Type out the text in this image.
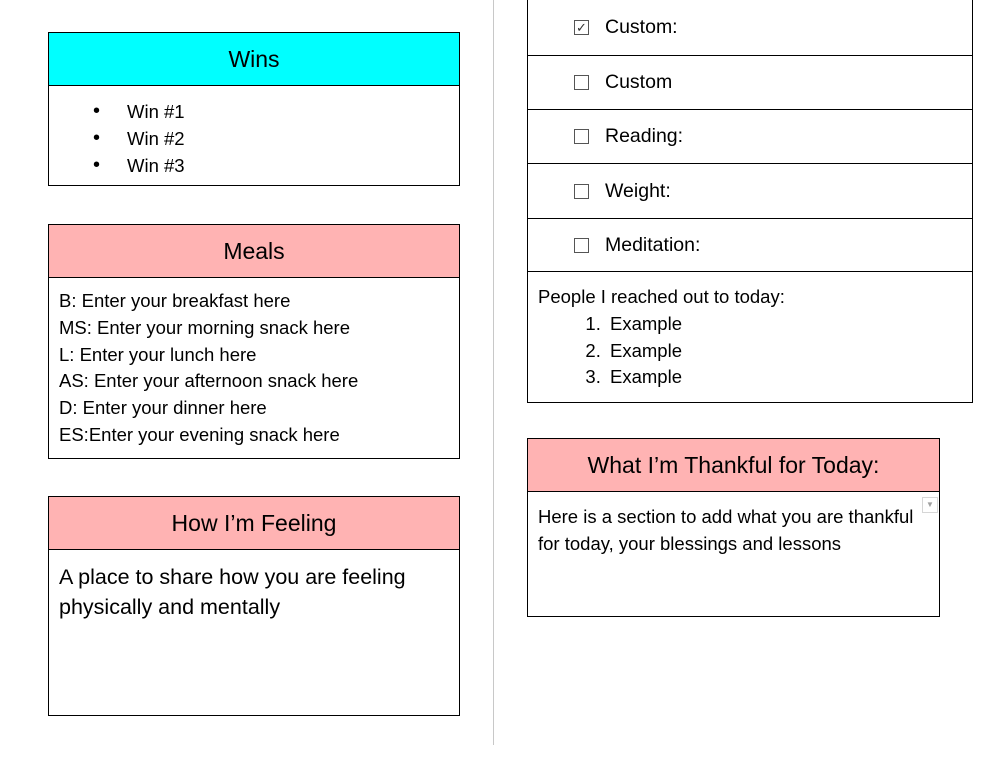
Wins
• Win #1
• Win #2
• Win #3
Meals
B: Enter your breakfast here
MS: Enter your morning snack here
L: Enter your lunch here
AS: Enter your afternoon snack here
D: Enter your dinner here
ES:Enter your evening snack here
How I’m Feeling
A place to share how you are feeling physically and mentally
✓ Custom:
Custom
Reading:
Weight:
Meditation:
People I reached out to today:
1. Example
2. Example
3. Example
What I’m Thankful for Today:
Here is a section to add what you are thankful for today, your blessings and lessons
▼
